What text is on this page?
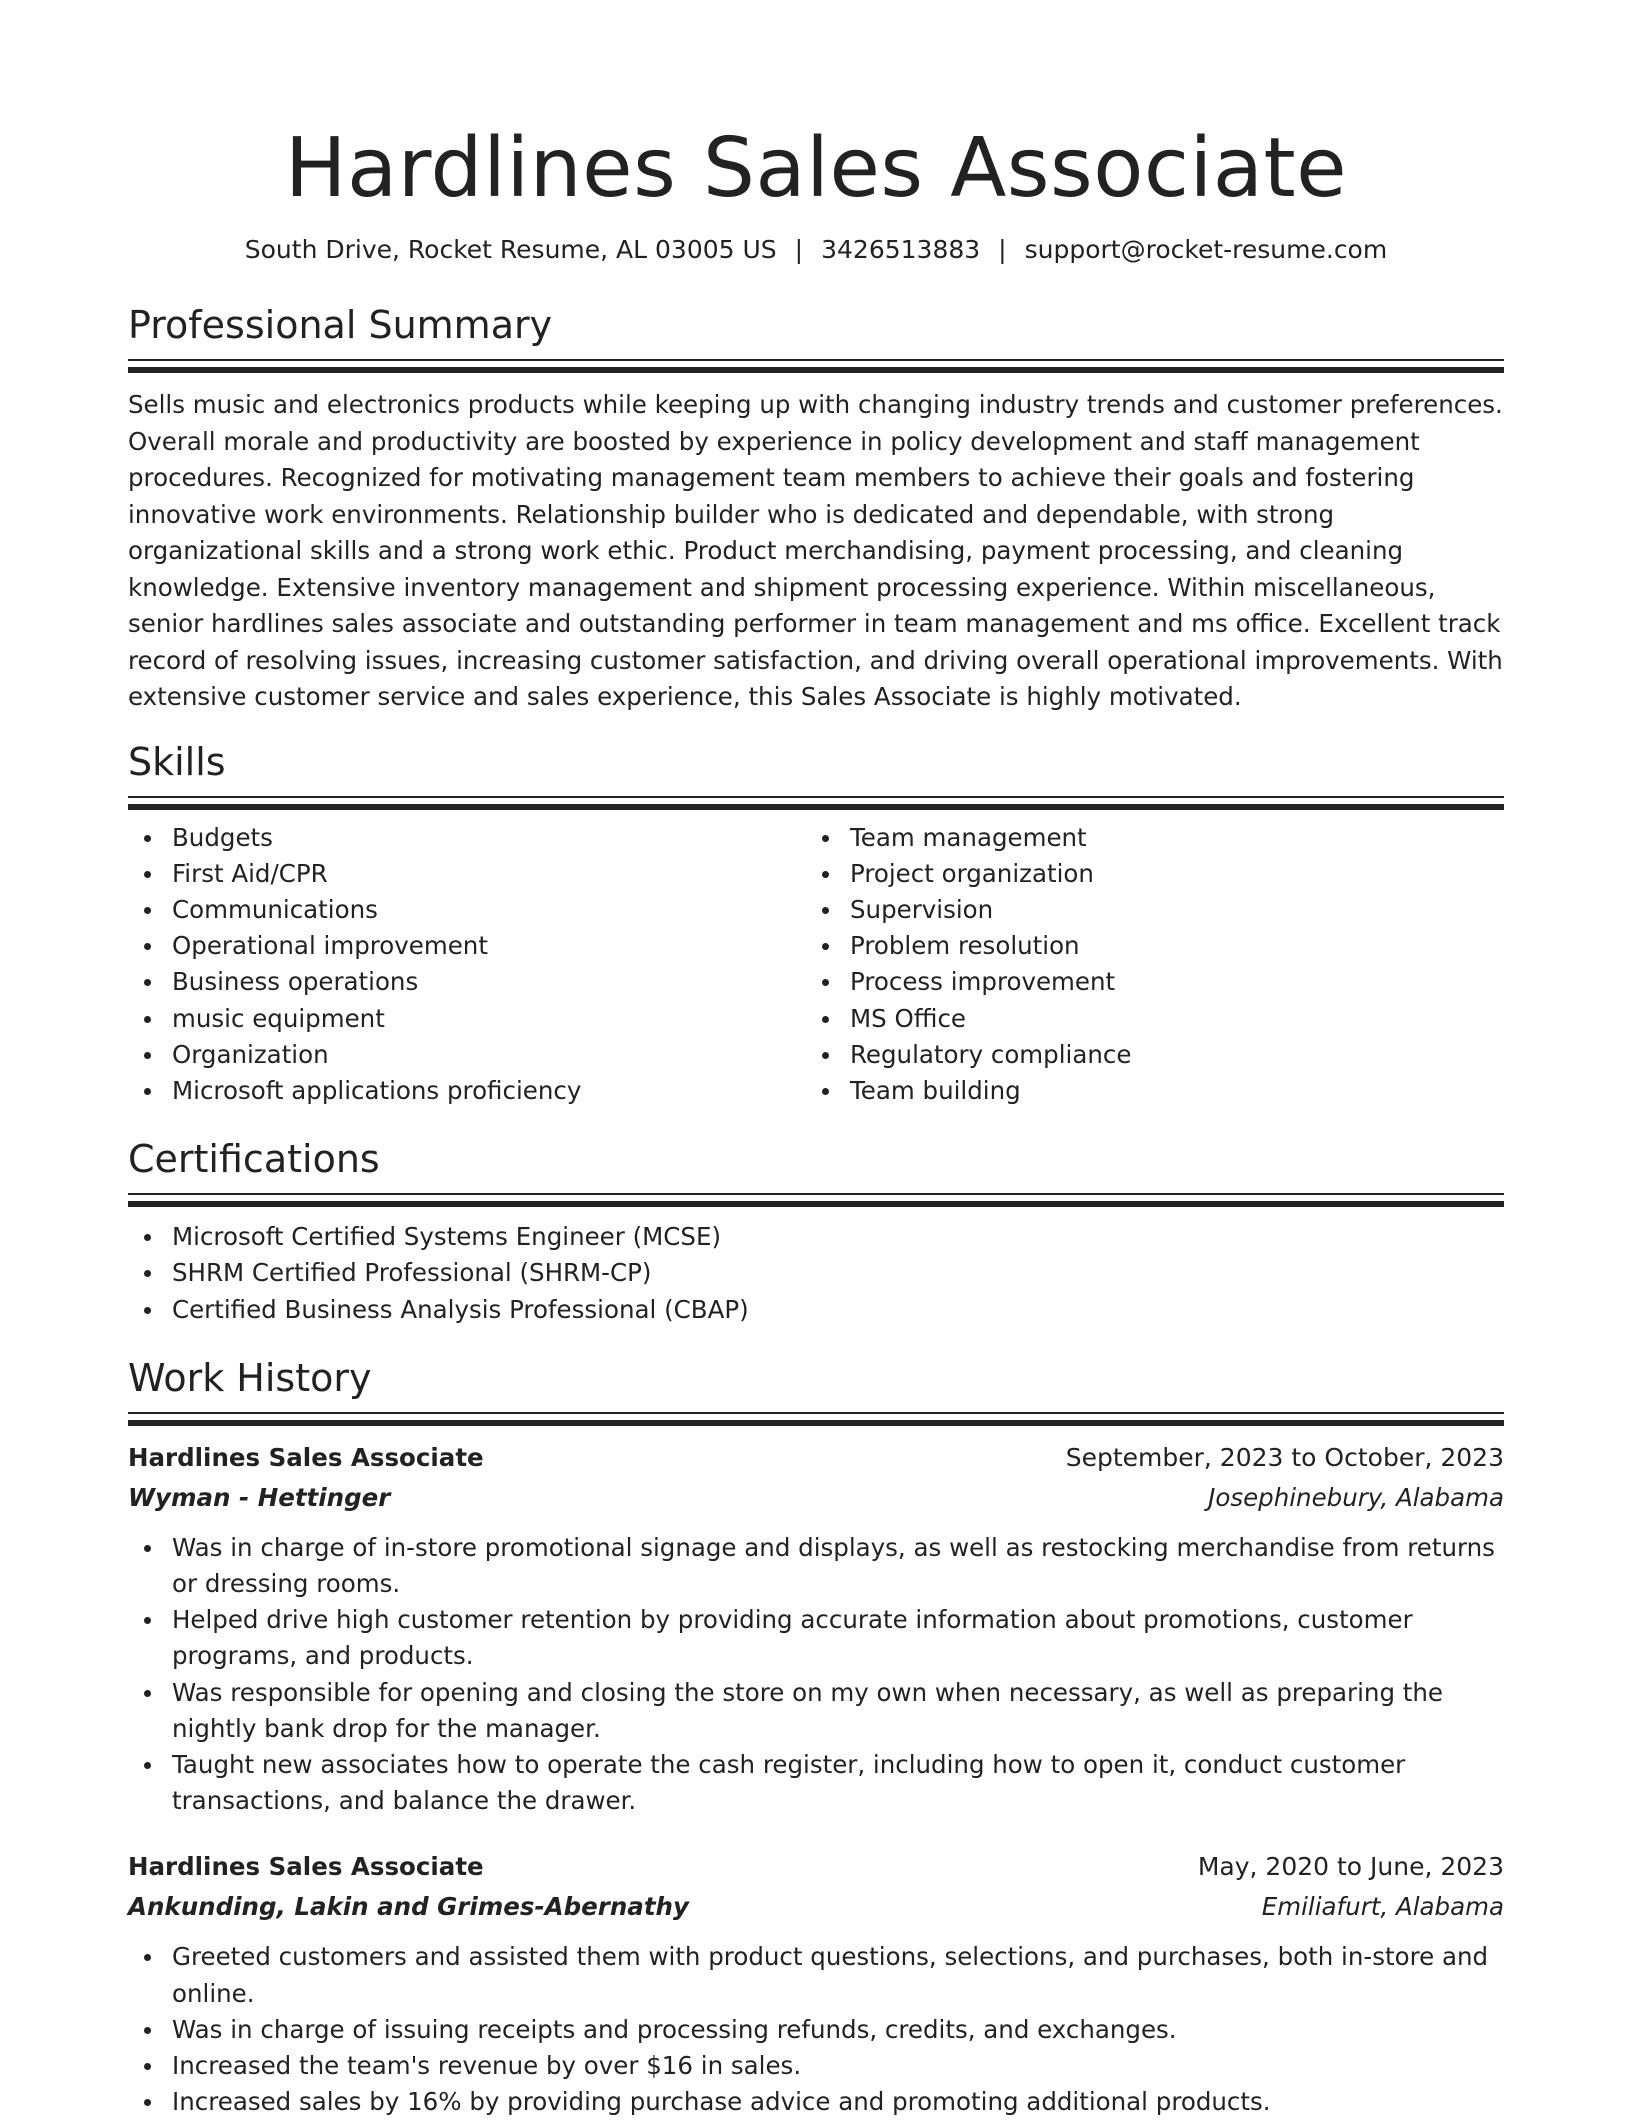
Hardlines Sales Associate
South Drive, Rocket Resume, AL 03005 US | 3426513883 | support@rocket-resume.com
Professional Summary

Sells music and electronics products while keeping up with changing industry trends and customer preferences. Overall morale and productivity are boosted by experience in policy development and staff management procedures. Recognized for motivating management team members to achieve their goals and fostering innovative work environments. Relationship builder who is dedicated and dependable, with strong organizational skills and a strong work ethic. Product merchandising, payment processing, and cleaning knowledge. Extensive inventory management and shipment processing experience. Within miscellaneous, senior hardlines sales associate and outstanding performer in team management and ms office. Excellent track record of resolving issues, increasing customer satisfaction, and driving overall operational improvements. With extensive customer service and sales experience, this Sales Associate is highly motivated.

Skills
Budgets
First Aid/CPR
Communications
Operational improvement
Business operations
music equipment
Organization
Microsoft applications proficiency
Team management
Project organization
Supervision
Problem resolution
Process improvement
MS Office
Regulatory compliance
Team building
Certifications
Microsoft Certified Systems Engineer (MCSE)
SHRM Certified Professional (SHRM-CP)
Certified Business Analysis Professional (CBAP)
Work History
Hardlines Sales Associate	September, 2023 to October, 2023
Wyman - Hettinger	Josephinebury, Alabama
Was in charge of in-store promotional signage and displays, as well as restocking merchandise from returns or dressing rooms.
Helped drive high customer retention by providing accurate information about promotions, customer programs, and products.
Was responsible for opening and closing the store on my own when necessary, as well as preparing the nightly bank drop for the manager.
Taught new associates how to operate the cash register, including how to open it, conduct customer transactions, and balance the drawer.
Hardlines Sales Associate	May, 2020 to June, 2023
Ankunding, Lakin and Grimes-Abernathy	Emiliafurt, Alabama
Greeted customers and assisted them with product questions, selections, and purchases, both in-store and online.
Was in charge of issuing receipts and processing refunds, credits, and exchanges.
Increased the team's revenue by over $16 in sales.
Increased sales by 16% by providing purchase advice and promoting additional products.
